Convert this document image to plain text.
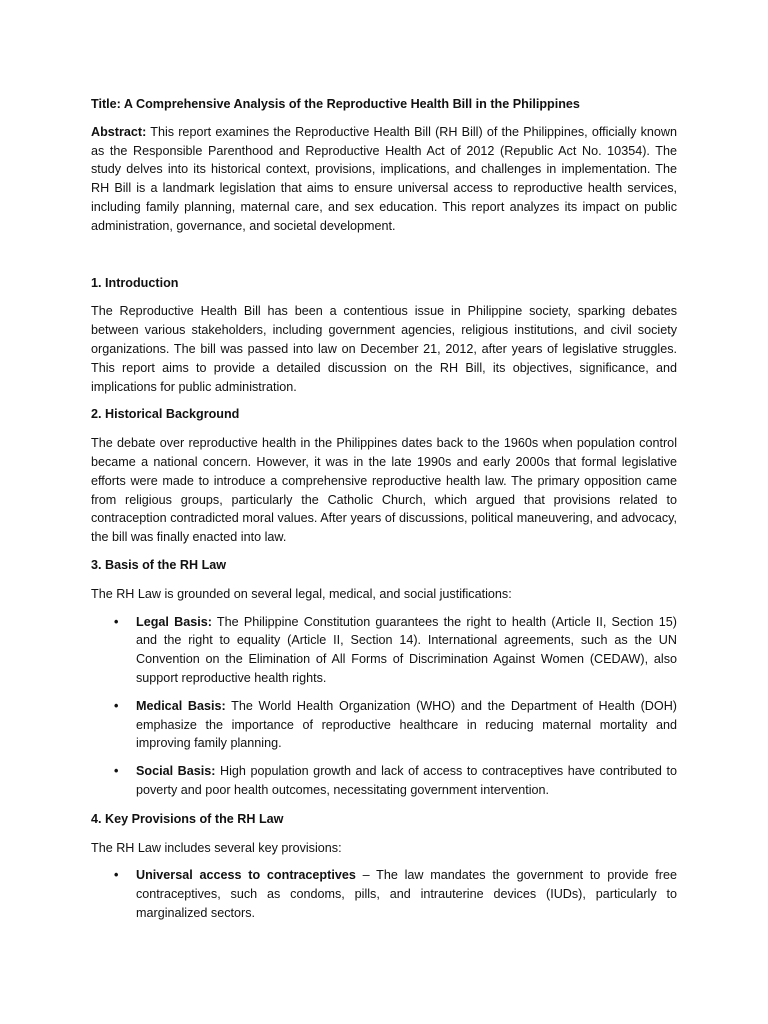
Title: A Comprehensive Analysis of the Reproductive Health Bill in the Philippines

Abstract: This report examines the Reproductive Health Bill (RH Bill) of the Philippines, officially known as the Responsible Parenthood and Reproductive Health Act of 2012 (Republic Act No. 10354). The study delves into its historical context, provisions, implications, and challenges in implementation. The RH Bill is a landmark legislation that aims to ensure universal access to reproductive health services, including family planning, maternal care, and sex education. This report analyzes its impact on public administration, governance, and societal development.

1. Introduction

The Reproductive Health Bill has been a contentious issue in Philippine society, sparking debates between various stakeholders, including government agencies, religious institutions, and civil society organizations. The bill was passed into law on December 21, 2012, after years of legislative struggles. This report aims to provide a detailed discussion on the RH Bill, its objectives, significance, and implications for public administration.

2. Historical Background

The debate over reproductive health in the Philippines dates back to the 1960s when population control became a national concern. However, it was in the late 1990s and early 2000s that formal legislative efforts were made to introduce a comprehensive reproductive health law. The primary opposition came from religious groups, particularly the Catholic Church, which argued that provisions related to contraception contradicted moral values. After years of discussions, political maneuvering, and advocacy, the bill was finally enacted into law.

3. Basis of the RH Law

The RH Law is grounded on several legal, medical, and social justifications:

• Legal Basis: The Philippine Constitution guarantees the right to health (Article II, Section 15) and the right to equality (Article II, Section 14). International agreements, such as the UN Convention on the Elimination of All Forms of Discrimination Against Women (CEDAW), also support reproductive health rights.
• Medical Basis: The World Health Organization (WHO) and the Department of Health (DOH) emphasize the importance of reproductive healthcare in reducing maternal mortality and improving family planning.
• Social Basis: High population growth and lack of access to contraceptives have contributed to poverty and poor health outcomes, necessitating government intervention.

4. Key Provisions of the RH Law

The RH Law includes several key provisions:

• Universal access to contraceptives – The law mandates the government to provide free contraceptives, such as condoms, pills, and intrauterine devices (IUDs), particularly to marginalized sectors.
